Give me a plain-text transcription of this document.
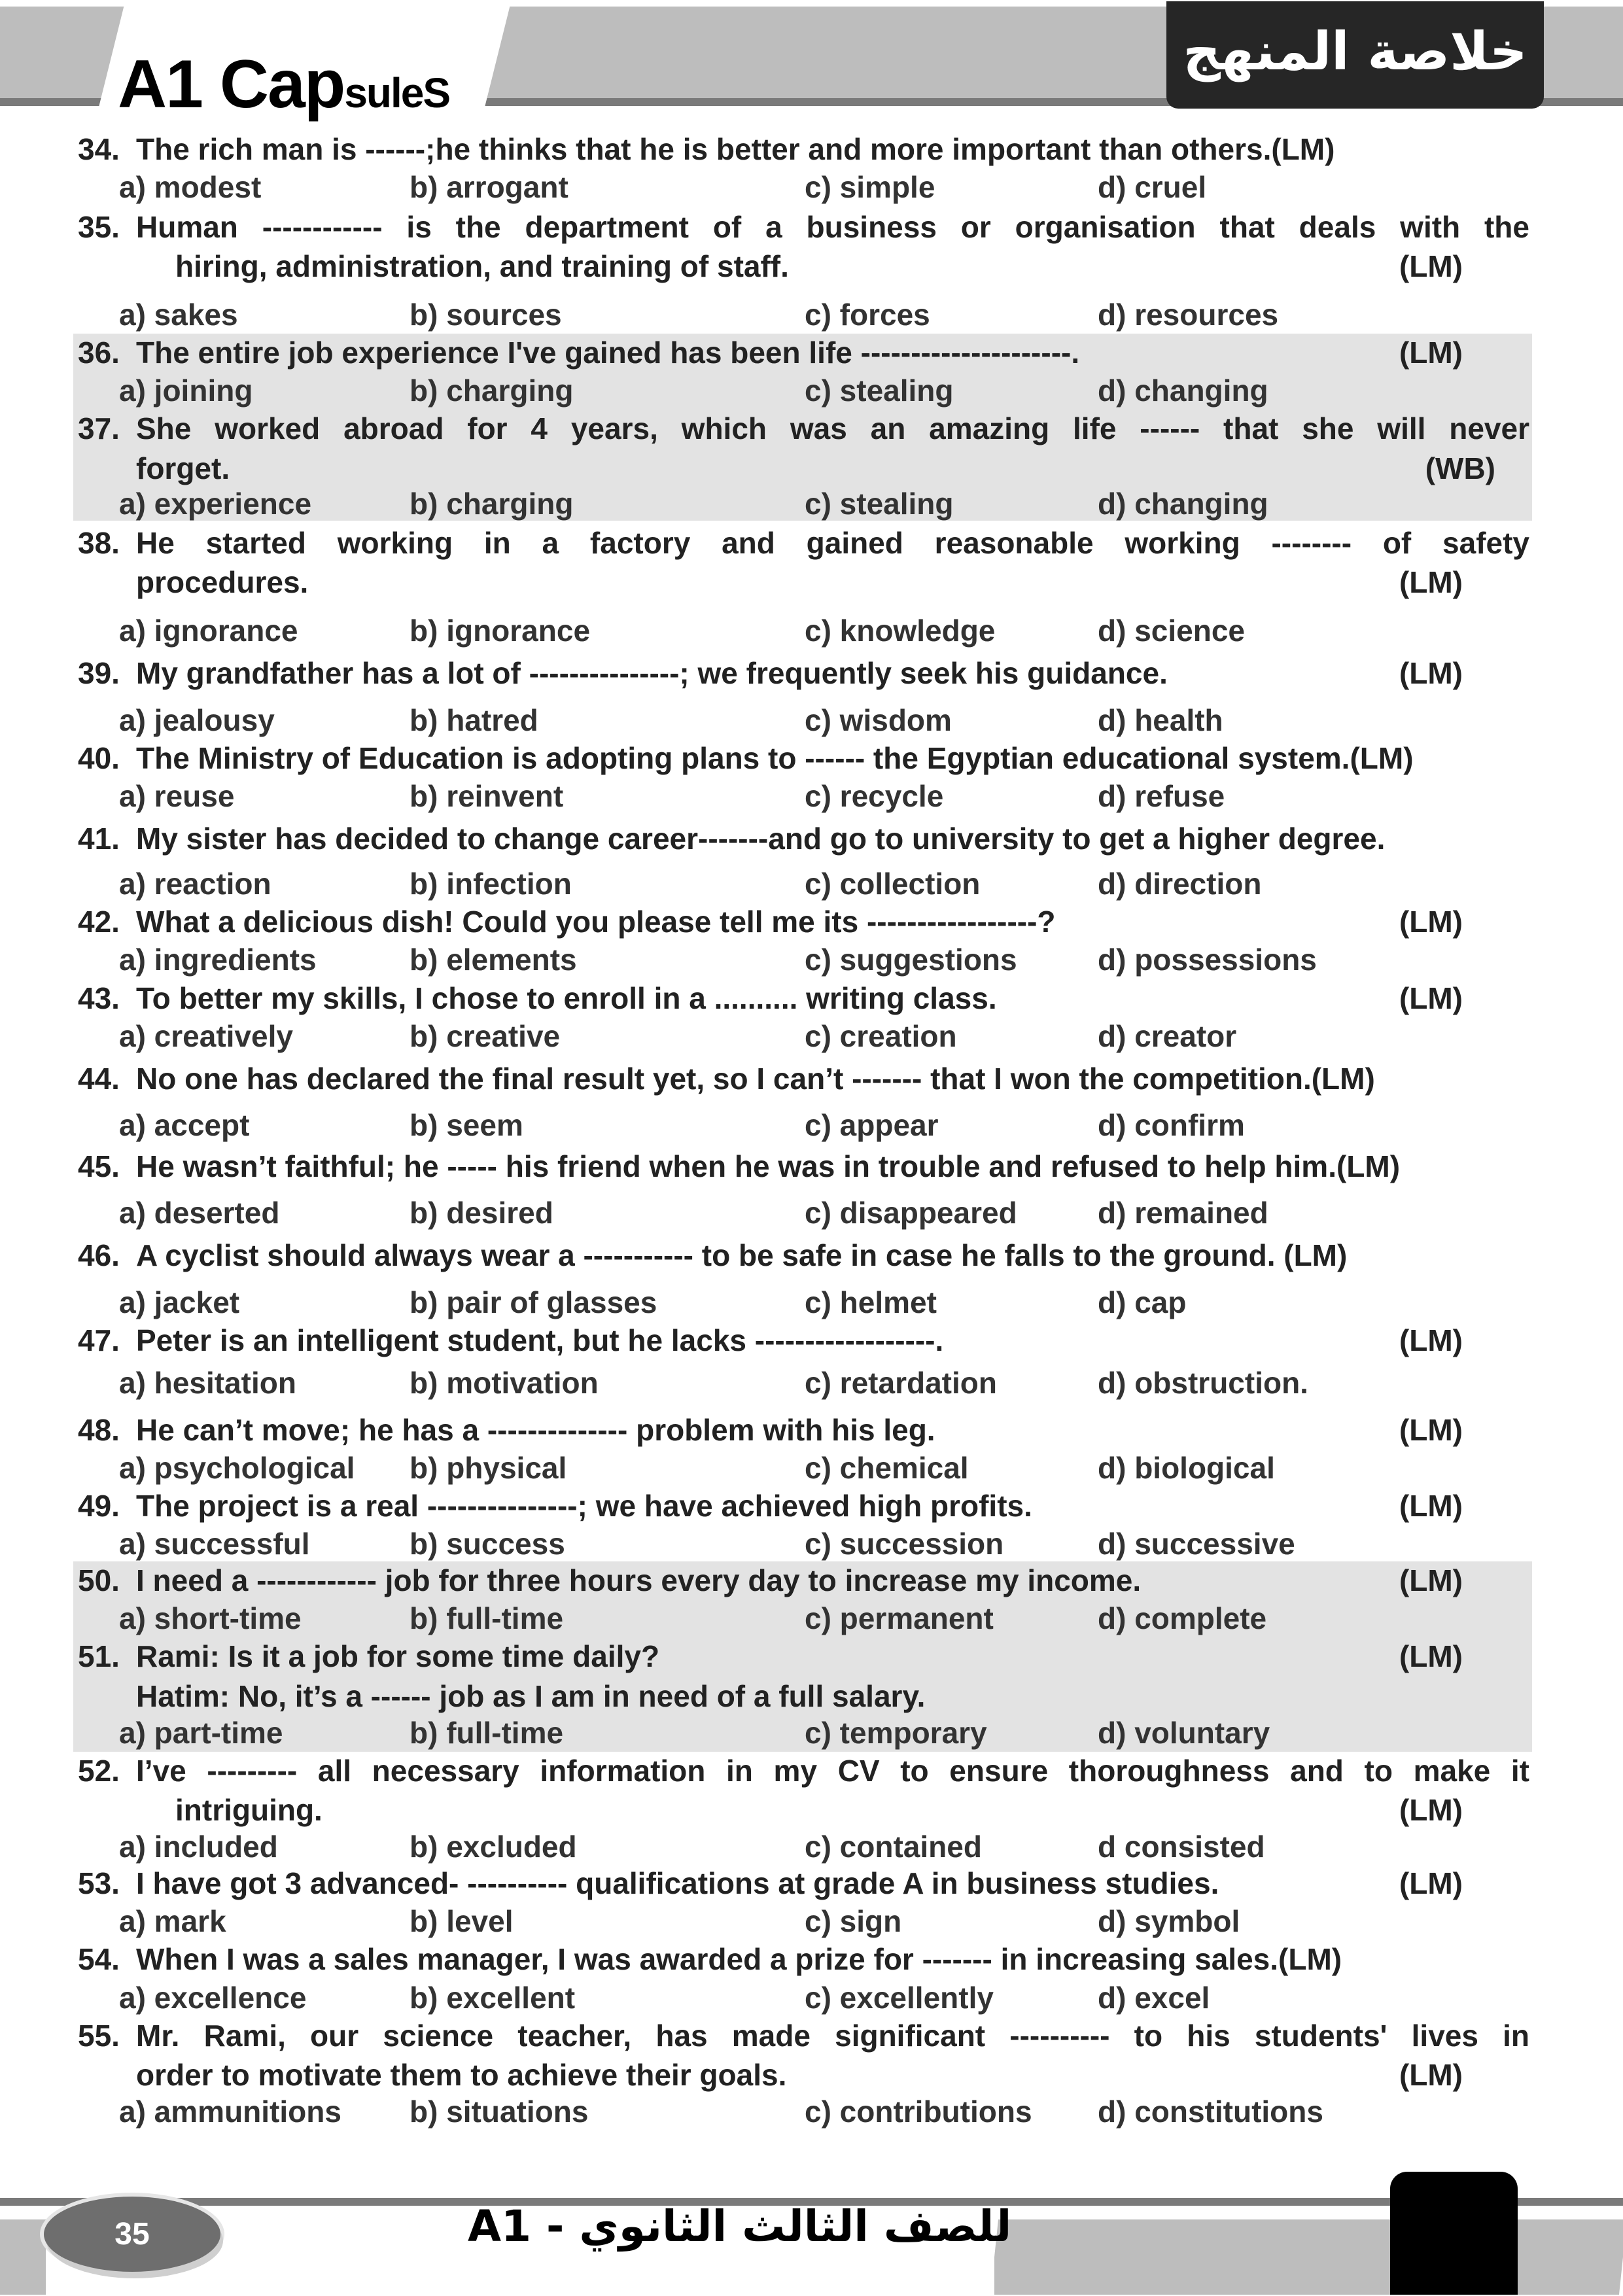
A1 CapsuleS
خلاصة المنهج
34. The rich man is ------;he thinks that he is better and more important than others.(LM)
a) modest	b) arrogant	c) simple	d) cruel
35. Human ------------ is the department of a business or organisation that deals with the
hiring, administration, and training of staff.	(LM)
a) sakes	b) sources	c) forces	d) resources
36. The entire job experience I've gained has been life ---------------------.	(LM)
a) joining	b) charging	c) stealing	d) changing
37. She worked abroad for 4 years, which was an amazing life ------ that she will never
forget.	(WB)
a) experience	b) charging	c) stealing	d) changing
38. He started working in a factory and gained reasonable working -------- of safety
procedures.	(LM)
a) ignorance	b) ignorance	c) knowledge	d) science
39. My grandfather has a lot of ---------------; we frequently seek his guidance.	(LM)
a) jealousy	b) hatred	c) wisdom	d) health
40. The Ministry of Education is adopting plans to ------ the Egyptian educational system.(LM)
a) reuse	b) reinvent	c) recycle	d) refuse
41. My sister has decided to change career-------and go to university to get a higher degree.
a) reaction	b) infection	c) collection	d) direction
42. What a delicious dish! Could you please tell me its -----------------?	(LM)
a) ingredients	b) elements	c) suggestions	d) possessions
43. To better my skills, I chose to enroll in a .......... writing class.	(LM)
a) creatively	b) creative	c) creation	d) creator
44. No one has declared the final result yet, so I can’t ------- that I won the competition.(LM)
a) accept	b) seem	c) appear	d) confirm
45. He wasn’t faithful; he ----- his friend when he was in trouble and refused to help him.(LM)
a) deserted	b) desired	c) disappeared	d) remained
46. A cyclist should always wear a ----------- to be safe in case he falls to the ground. (LM)
a) jacket	b) pair of glasses	c) helmet	d) cap
47. Peter is an intelligent student, but he lacks ------------------.	(LM)
a) hesitation	b) motivation	c) retardation	d) obstruction.
48. He can’t move; he has a -------------- problem with his leg.	(LM)
a) psychological b) physical	c) chemical	d) biological
49. The project is a real ---------------; we have achieved high profits.	(LM)
a) successful	b) success	c) succession	d) successive
50. I need a ------------ job for three hours every day to increase my income.	(LM)
a) short-time	b) full-time	c) permanent	d) complete
51. Rami: Is it a job for some time daily?
Hatim: No, it’s a ------ job as I am in need of a full salary.
(LM)
a) part-time	b) full-time	c) temporary	d) voluntary
52. I’ve --------- all necessary information in my CV to ensure thoroughness and to make it
intriguing.	(LM)
a) included	b) excluded	c) contained	d consisted
53. I have got 3 advanced- ---------- qualifications at grade A in business studies.	(LM)
a) mark	b) level	c) sign	d) symbol
54. When I was a sales manager, I was awarded a prize for ------- in increasing sales.(LM)
a) excellence	b) excellent	c) excellently	d) excel
55. Mr. Rami, our science teacher, has made significant ---------- to his students' lives in
order to motivate them to achieve their goals.	(LM)
a) ammunitions b) situations	c) contributions d) constitutions
35	A1 - للصف الثالث الثانوي
